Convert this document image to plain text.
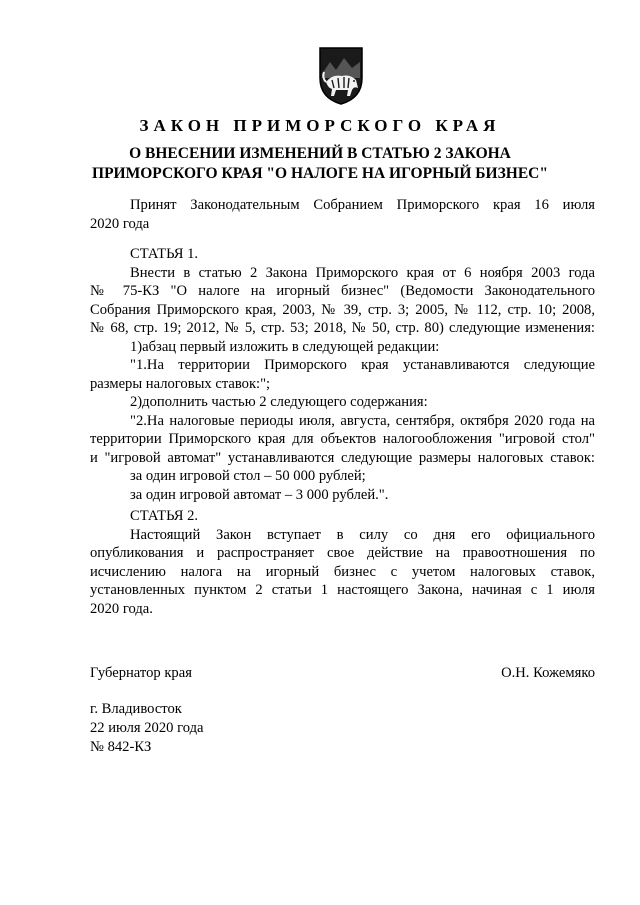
ЗАКОН ПРИМОРСКОГО КРАЯ
О ВНЕСЕНИИ ИЗМЕНЕНИЙ В СТАТЬЮ 2 ЗАКОНА
ПРИМОРСКОГО КРАЯ "О НАЛОГЕ НА ИГОРНЫЙ БИЗНЕС"
Принят Законодательным Собранием Приморского края 16 июля
2020 года
СТАТЬЯ 1.
Внести в статью 2 Закона Приморского края от 6 ноября 2003 года
№ 75-КЗ "О налоге на игорный бизнес" (Ведомости Законодательного
Собрания Приморского края, 2003, № 39, стр. 3; 2005, № 112, стр. 10; 2008,
№ 68, стр. 19; 2012, № 5, стр. 53; 2018, № 50, стр. 80) следующие изменения:
1)абзац первый изложить в следующей редакции:
"1.На территории Приморского края устанавливаются следующие
размеры налоговых ставок:";
2)дополнить частью 2 следующего содержания:
"2.На налоговые периоды июля, августа, сентября, октября 2020 года на
территории Приморского края для объектов налогообложения "игровой стол"
и "игровой автомат" устанавливаются следующие размеры налоговых ставок:
за один игровой стол – 50 000 рублей;
за один игровой автомат – 3 000 рублей.".
СТАТЬЯ 2.
Настоящий Закон вступает в силу со дня его официального
опубликования и распространяет свое действие на правоотношения по
исчислению налога на игорный бизнес с учетом налоговых ставок,
установленных пунктом 2 статьи 1 настоящего Закона, начиная с 1 июля
2020 года.
Губернатор края	О.Н. Кожемяко
г. Владивосток
22 июля 2020 года
№ 842-КЗ
